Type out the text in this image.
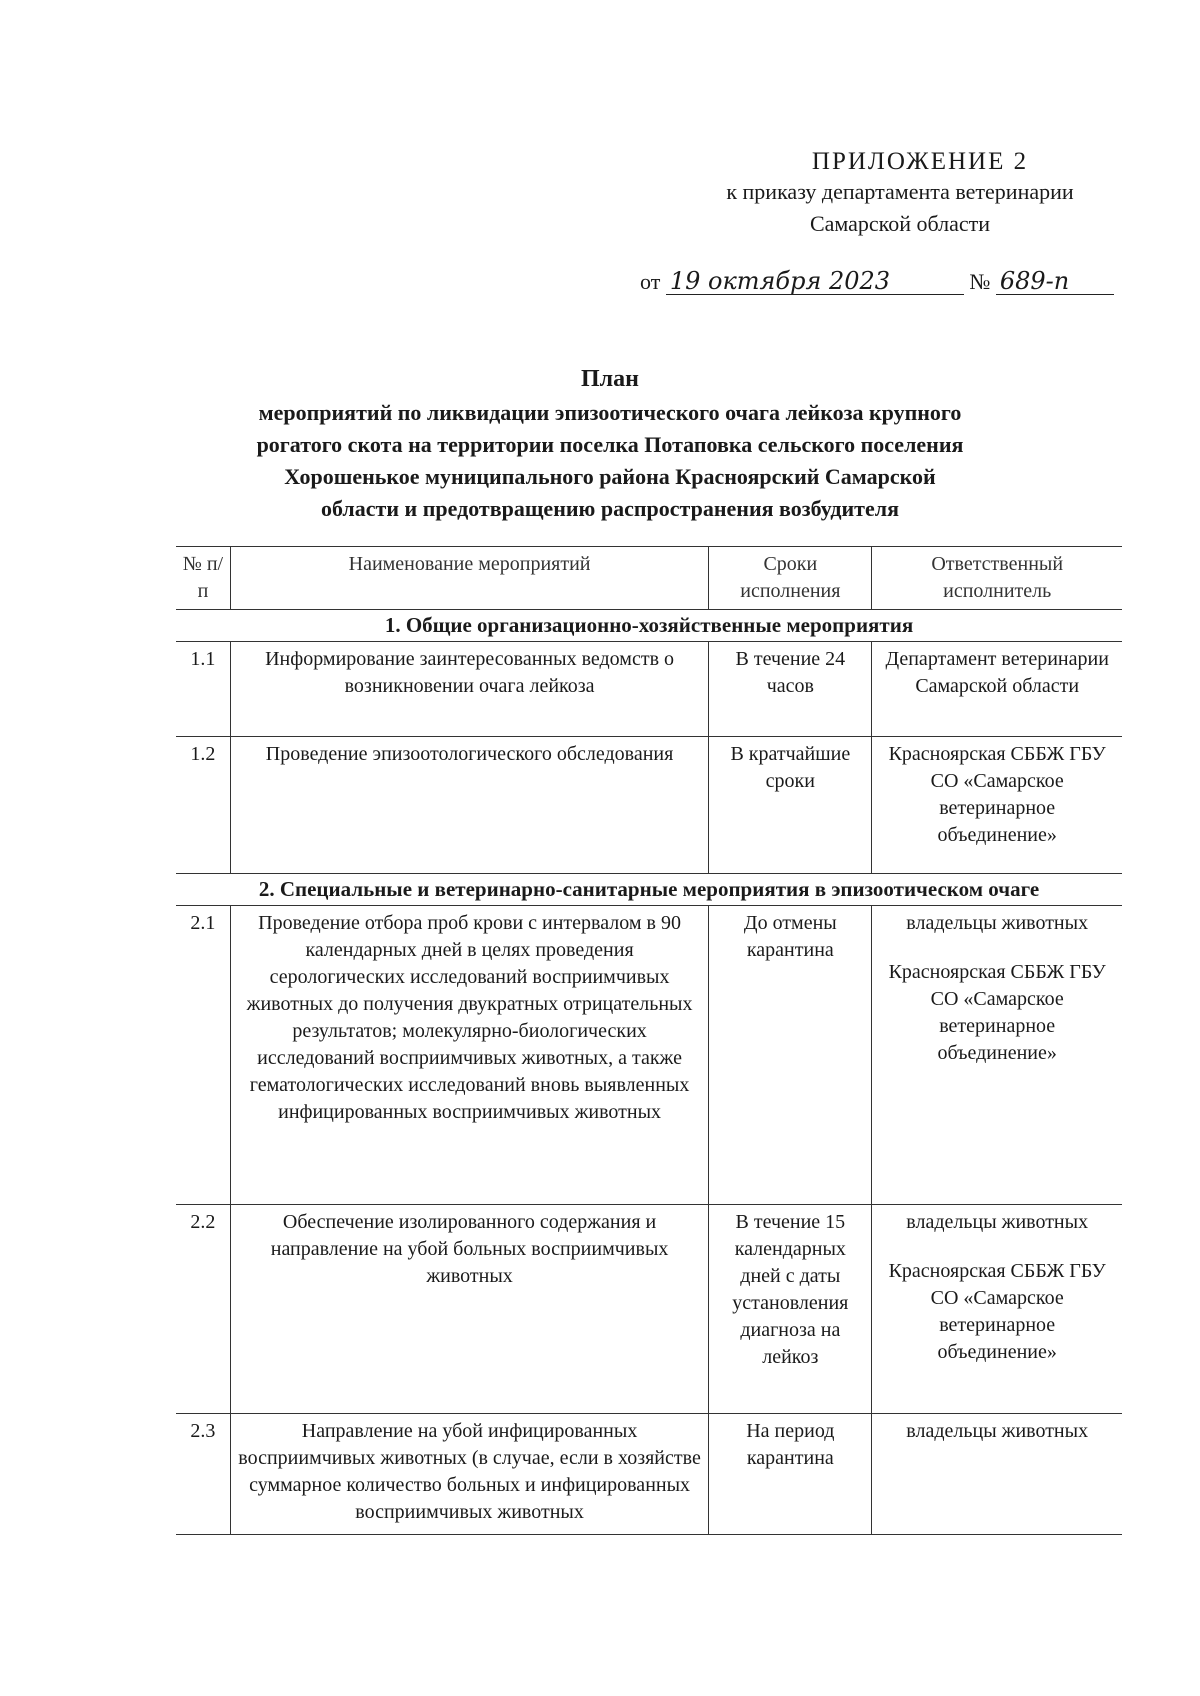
ПРИЛОЖЕНИЕ 2
к приказу департамента ветеринарии
Самарской области
от 19 октября 2023	№ 689-п
План
мероприятий по ликвидации эпизоотического очага лейкоза крупного
рогатого скота на территории поселка Потаповка сельского поселения
Хорошенькое муниципального района Красноярский Самарской
области и предотвращению распространения возбудителя
№ п/п	Наименование мероприятий	Сроки исполнения	Ответственный исполнитель
1. Общие организационно-хозяйственные мероприятия			
1.1	Информирование заинтересованных ведомств о возникновении очага лейкоза	В течение 24 часов	Департамент ветеринарии Самарской области

1.2	Проведение эпизоотологического обследования	В кратчайшие сроки	Красноярская СББЖ ГБУ СО «Самарское ветеринарное объединение»

2. Специальные и ветеринарно-санитарные мероприятия в эпизоотическом очаге			
2.1	Проведение отбора проб крови с интервалом в 90 календарных дней в целях проведения серологических исследований восприимчивых животных до получения двукратных отрицательных результатов; молекулярно-биологических исследований восприимчивых животных, а также гематологических исследований вновь выявленных инфицированных восприимчивых животных	До отмены карантина	владельцы животных
Красноярская СББЖ ГБУ СО «Самарское ветеринарное объединение»

2.2	Обеспечение изолированного содержания и направление на убой больных восприимчивых животных	В течение 15 календарных дней с даты установления диагноза на лейкоз	владельцы животных
Красноярская СББЖ ГБУ СО «Самарское ветеринарное объединение»

2.3	Направление на убой инфицированных восприимчивых животных (в случае, если в хозяйстве суммарное количество больных и инфицированных восприимчивых животных	На период карантина	владельцы животных
